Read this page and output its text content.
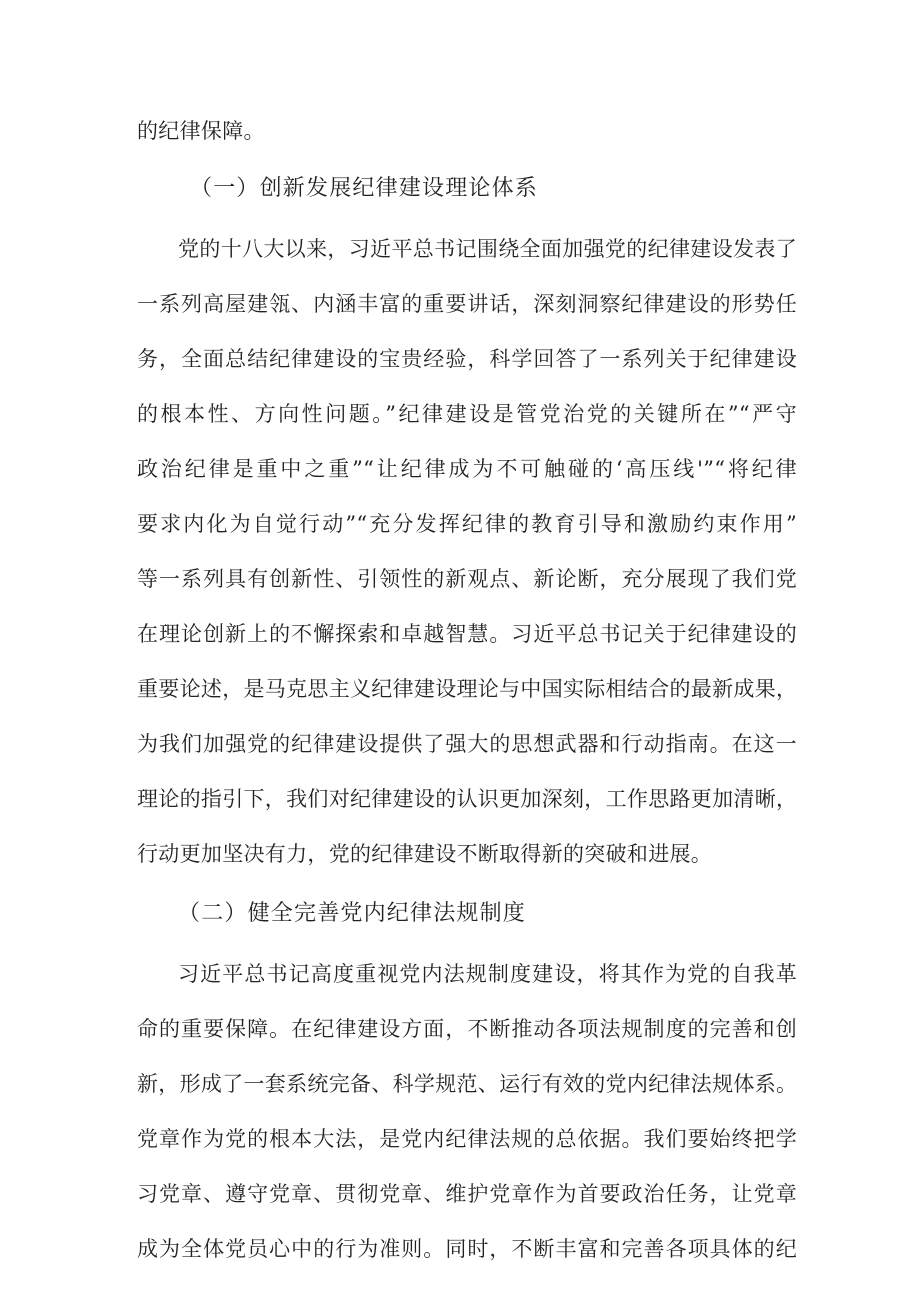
的纪律保障。
（一）创新发展纪律建设理论体系
党的十八大以来，习近平总书记围绕全面加强党的纪律建设发表了
一系列高屋建瓴、内涵丰富的重要讲话，深刻洞察纪律建设的形势任
务，全面总结纪律建设的宝贵经验，科学回答了一系列关于纪律建设
的根本性、方向性问题。”纪律建设是管党治党的关键所在”“严守
政治纪律是重中之重”“让纪律成为不可触碰的‘高压线'”“将纪律
要求内化为自觉行动”“充分发挥纪律的教育引导和激励约束作用”
等一系列具有创新性、引领性的新观点、新论断，充分展现了我们党
在理论创新上的不懈探索和卓越智慧。习近平总书记关于纪律建设的
重要论述，是马克思主义纪律建设理论与中国实际相结合的最新成果，
为我们加强党的纪律建设提供了强大的思想武器和行动指南。在这一
理论的指引下，我们对纪律建设的认识更加深刻，工作思路更加清晰，
行动更加坚决有力，党的纪律建设不断取得新的突破和进展。
（二）健全完善党内纪律法规制度
习近平总书记高度重视党内法规制度建设，将其作为党的自我革
命的重要保障。在纪律建设方面，不断推动各项法规制度的完善和创
新，形成了一套系统完备、科学规范、运行有效的党内纪律法规体系。
党章作为党的根本大法，是党内纪律法规的总依据。我们要始终把学
习党章、遵守党章、贯彻党章、维护党章作为首要政治任务，让党章
成为全体党员心中的行为准则。同时，不断丰富和完善各项具体的纪
